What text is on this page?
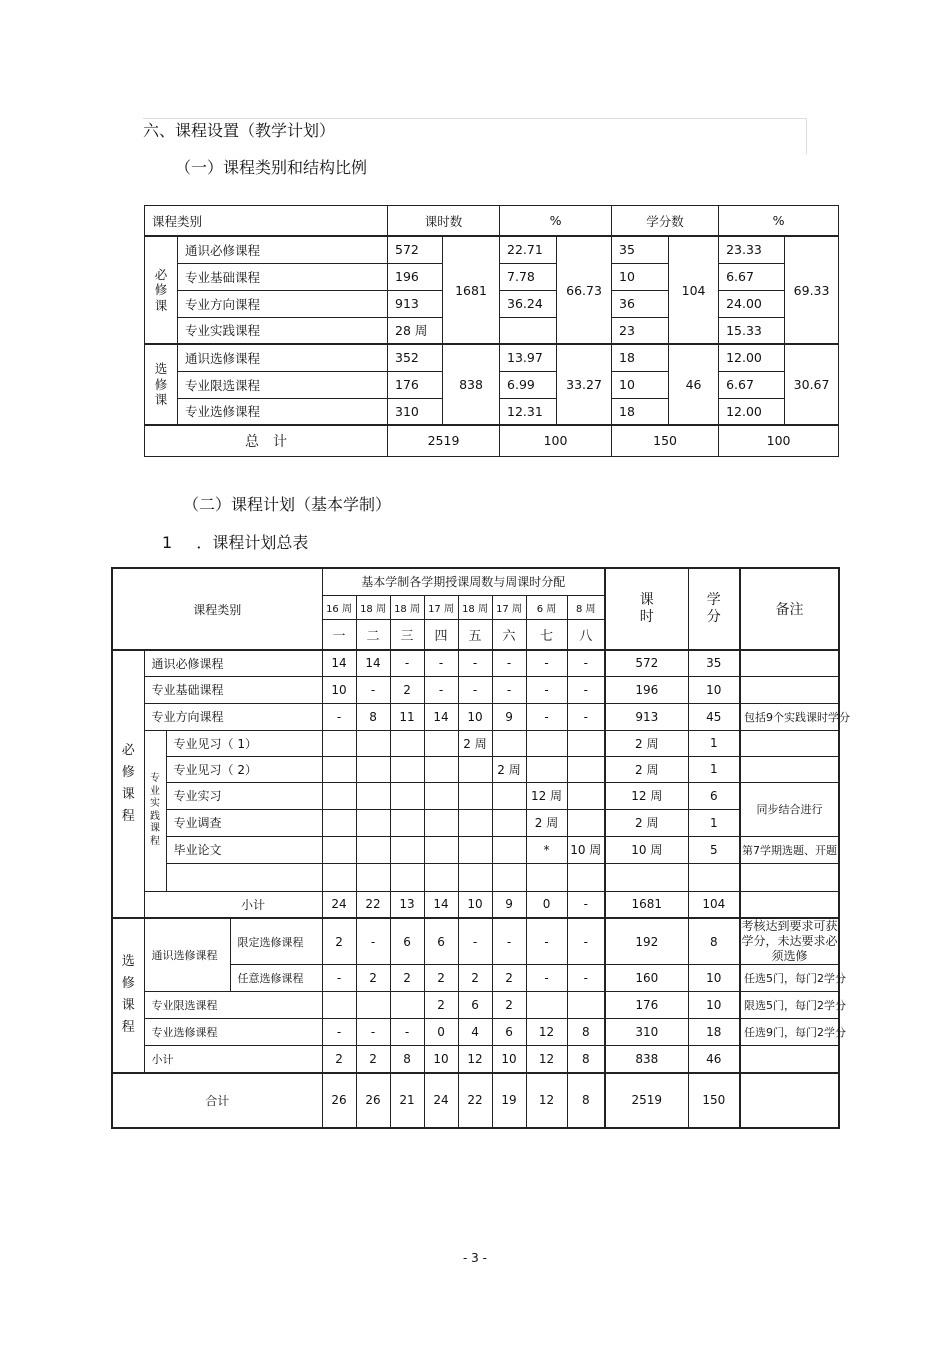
六、课程设置（教学计划）
（一）课程类别和结构比例
课程类别		课时数		%		学分数		%	
必修课	通识必修课程	572	1681	22.71	66.73	35	104	23.33	69.33
	专业基础课程	196		7.78		10		6.67	
	专业方向课程	913		36.24		36		24.00	
	专业实践课程	28 周				23		15.33	
选修课	通识选修课程	352	838	13.97	33.27	18	46	12.00	30.67
	专业限选课程	176		6.99		10		6.67	
	专业选修课程	310		12.31		18		12.00	
总　计		2519		100		150		100	
（二）课程计划（基本学制）
1 ．课程计划总表
课程类别				基本学制各学期授课周数与周课时分配								课时	学分	备注
				16 周	18 周	18 周	17 周	18 周	17 周	6 周	8 周			
				一	二	三	四	五	六	七	八			
必修课程	通识必修课程			14	14	-	-	-	-	-	-	572	35	
	专业基础课程			10	-	2	-	-	-	-	-	196	10	
	专业方向课程			-	8	11	14	10	9	-	-	913	45	包括9个实践课时学分
	专业实践课程	专业见习（ 1）						2 周				2 周	1	
		专业见习（ 2）							2 周			2 周	1	
		专业实习								12 周		12 周	6	同步结合进行
		专业调查								2 周		2 周	1	
		毕业论文								*	10 周	10 周	5	第7学期选题、开题

	小计			24	22	13	14	10	9	0	-	1681	104	
选修课程	通识选修课程		限定选修课程	2	-	6	6	-	-	-	-	192	8	考核达到要求可获学分，未达要求必须选修
			任意选修课程	-	2	2	2	2	2	-	-	160	10	任选5门，每门2学分
	专业限选课程						2	6	2			176	10	限选5门，每门2学分
	专业选修课程			-	-	-	0	4	6	12	8	310	18	任选9门，每门2学分
	小计			2	2	8	10	12	10	12	8	838	46	
合计				26	26	21	24	22	19	12	8	2519	150	
- 3 -
